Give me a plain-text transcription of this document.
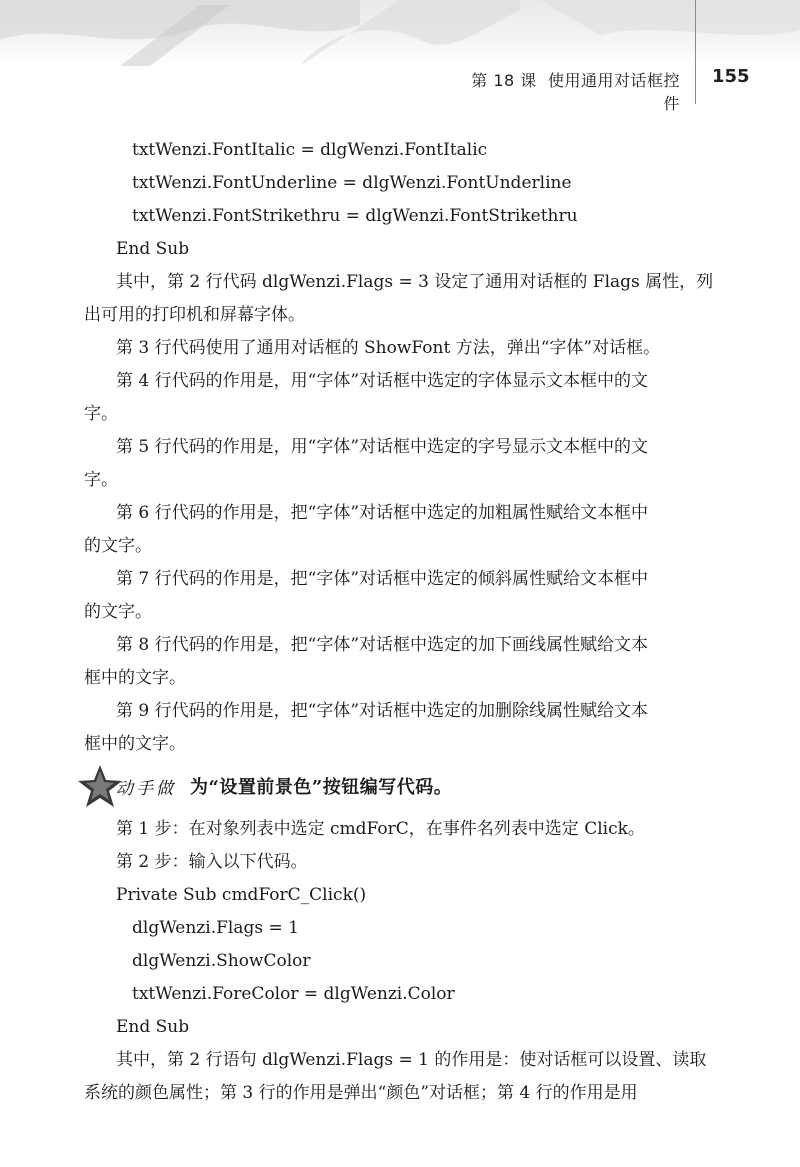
第 18 课 使用通用对话框控件
155
txtWenzi.FontItalic = dlgWenzi.FontItalic
txtWenzi.FontUnderline = dlgWenzi.FontUnderline
txtWenzi.FontStrikethru = dlgWenzi.FontStrikethru
End Sub
其中，第 2 行代码 dlgWenzi.Flags = 3 设定了通用对话框的 Flags 属性，列
出可用的打印机和屏幕字体。
第 3 行代码使用了通用对话框的 ShowFont 方法，弹出“字体”对话框。
第 4 行代码的作用是，用“字体”对话框中选定的字体显示文本框中的文
字。
第 5 行代码的作用是，用“字体”对话框中选定的字号显示文本框中的文
字。
第 6 行代码的作用是，把“字体”对话框中选定的加粗属性赋给文本框中
的文字。
第 7 行代码的作用是，把“字体”对话框中选定的倾斜属性赋给文本框中
的文字。
第 8 行代码的作用是，把“字体”对话框中选定的加下画线属性赋给文本
框中的文字。
第 9 行代码的作用是，把“字体”对话框中选定的加删除线属性赋给文本
框中的文字。
动手做 为“设置前景色”按钮编写代码。
第 1 步：在对象列表中选定 cmdForC，在事件名列表中选定 Click。
第 2 步：输入以下代码。
Private Sub cmdForC_Click()
dlgWenzi.Flags = 1
dlgWenzi.ShowColor
txtWenzi.ForeColor = dlgWenzi.Color
End Sub
其中，第 2 行语句 dlgWenzi.Flags = 1 的作用是：使对话框可以设置、读取
系统的颜色属性；第 3 行的作用是弹出“颜色”对话框；第 4 行的作用是用
